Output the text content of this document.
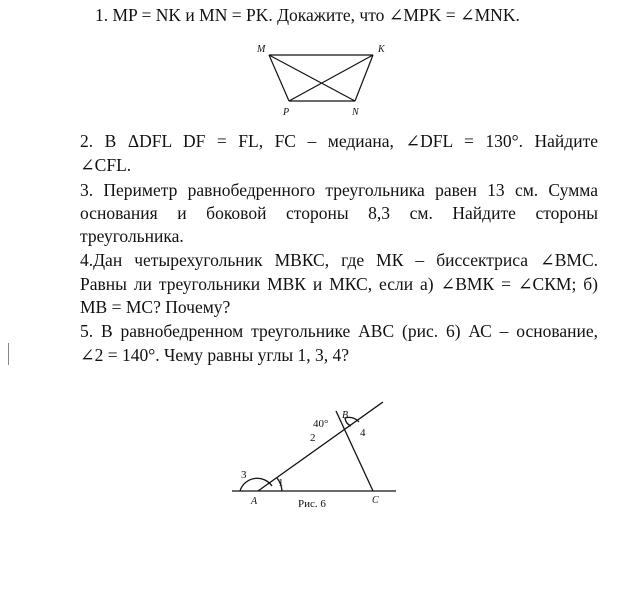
1. MP = NK и MN = PK. Докажите, что ∠MPK = ∠MNK.
M	K
P	N
A
B
C
1
2
3
4
40°
Рис. 6
2. В ΔDFL DF = FL, FC – медиана, ∠DFL = 130°. Найдите
∠CFL.
3. Периметр равнобедренного треугольника равен 13 см. Сумма
основания и боковой стороны 8,3 см. Найдите стороны
треугольника.
4.Дан четырехугольник МВКС, где МК – биссектриса ∠ВМС.
Равны ли треугольники МВК и МКС, если а) ∠ВМК = ∠СКМ; б)
МВ = МС? Почему?
5. В равнобедренном треугольнике АВС (рис. 6) АС – основание,
∠2 = 140°. Чему равны углы 1, 3, 4?
